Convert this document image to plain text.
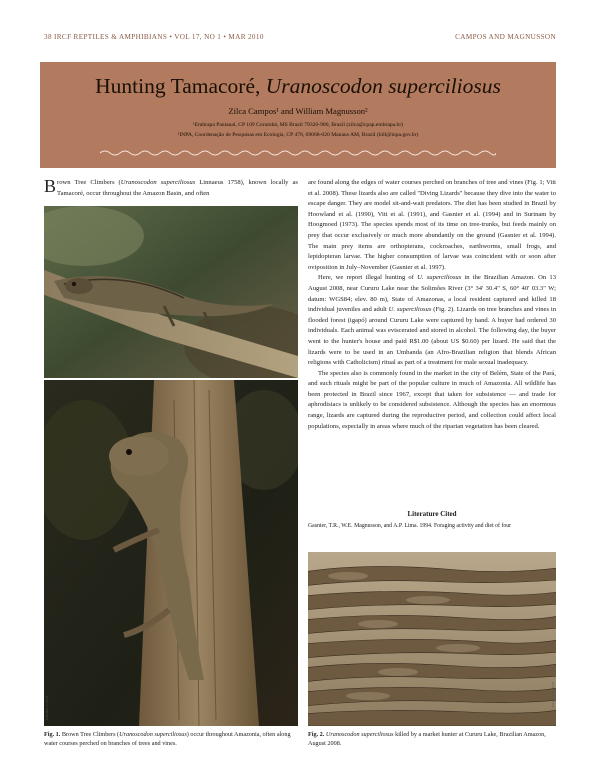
38 IRCF REPTILES & AMPHIBIANS • VOL 17, NO 1 • MAR 2010	CAMPOS AND MAGNUSSON
Hunting Tamacoré, Uranoscodon superciliosus
Zilca Campos¹ and William Magnusson²
¹Embrapa Pantanal, CP 109 Corumbá, MS Brazil 79320-900, Brazil (zilca@cpap.embrapa.br)
²INPA, Coordenação de Pesquisas em Ecologia, CP 478, 69068-020 Manaus AM, Brazil (bill@inpa.gov.br)
Brown Tree Climbers (Uranoscodon superciliosus Linnaeus 1758), known locally as Tamacoré, occur throughout the Amazon Basin, and often
LAURIE J. VITT

are found along the edges of water courses perched on branches of tree and vines (Fig. 1; Vitt et al. 2008). These lizards also are called "Diving Lizards" because they dive into the water to escape danger. They are model sit-and-wait predators. The diet has been studied in Brazil by Hoowland et al. (1990), Vitt et al. (1991), and Gasnier et al. (1994) and in Surinam by Hoogmoed (1973). The species spends most of its time on tree-trunks, but feeds mainly on prey that occur exclusively or much more abundantly on the ground (Gasnier et al. 1994). The main prey items are orthopterans, cockroaches, earthworms, small frogs, and lepidopteran larvae. The higher consumption of larvae was coincident with or soon after oviposition in July–November (Gasnier et al. 1997).

Here, we report illegal hunting of U. superciliosus in the Brazilian Amazon. On 13 August 2008, near Cururu Lake near the Solimões River (3° 34' 30.4" S, 60° 40' 03.3" W; datum: WGS84; elev. 80 m), State of Amazonas, a local resident captured and killed 18 individual juveniles and adult U. superciliosus (Fig. 2). Lizards on tree branches and vines in flooded forest (igapó) around Cururu Lake were captured by hand. A buyer had ordered 30 individuals. Each animal was eviscerated and stored in alcohol. The following day, the buyer went to the hunter's house and paid R$1.00 (about US $0.60) per lizard. He said that the lizards were to be used in an Umbanda (an Afro-Brazilian religion that blends African religions with Catholicism) ritual as part of a treatment for male sexual inadequacy.

The species also is commonly found in the market in the city of Belém, State of the Pará, and such rituals might be part of the popular culture in much of Amazonia. All wildlife has been protected in Brazil since 1967, except that taken for subsistence — and trade for aphrodisiacs is unlikely to be considered subsistence. Although the species has an enormous range, lizards are captured during the reproductive period, and collection could affect local populations, especially in areas where much of the riparian vegetation has been cleared.

Literature Cited
Gasnier, T.R., W.E. Magnusson, and A.P. Lima. 1994. Foraging activity and diet of four
ZILCA CAMPOS
Fig. 1. Brown Tree Climbers (Uranoscodon superciliosus) occur throughout Amazonia, often along water courses perched on branches of trees and vines.
Fig. 2. Uranoscodon superciliosus killed by a market hunter at Cururu Lake, Brazilian Amazon, August 2008.
